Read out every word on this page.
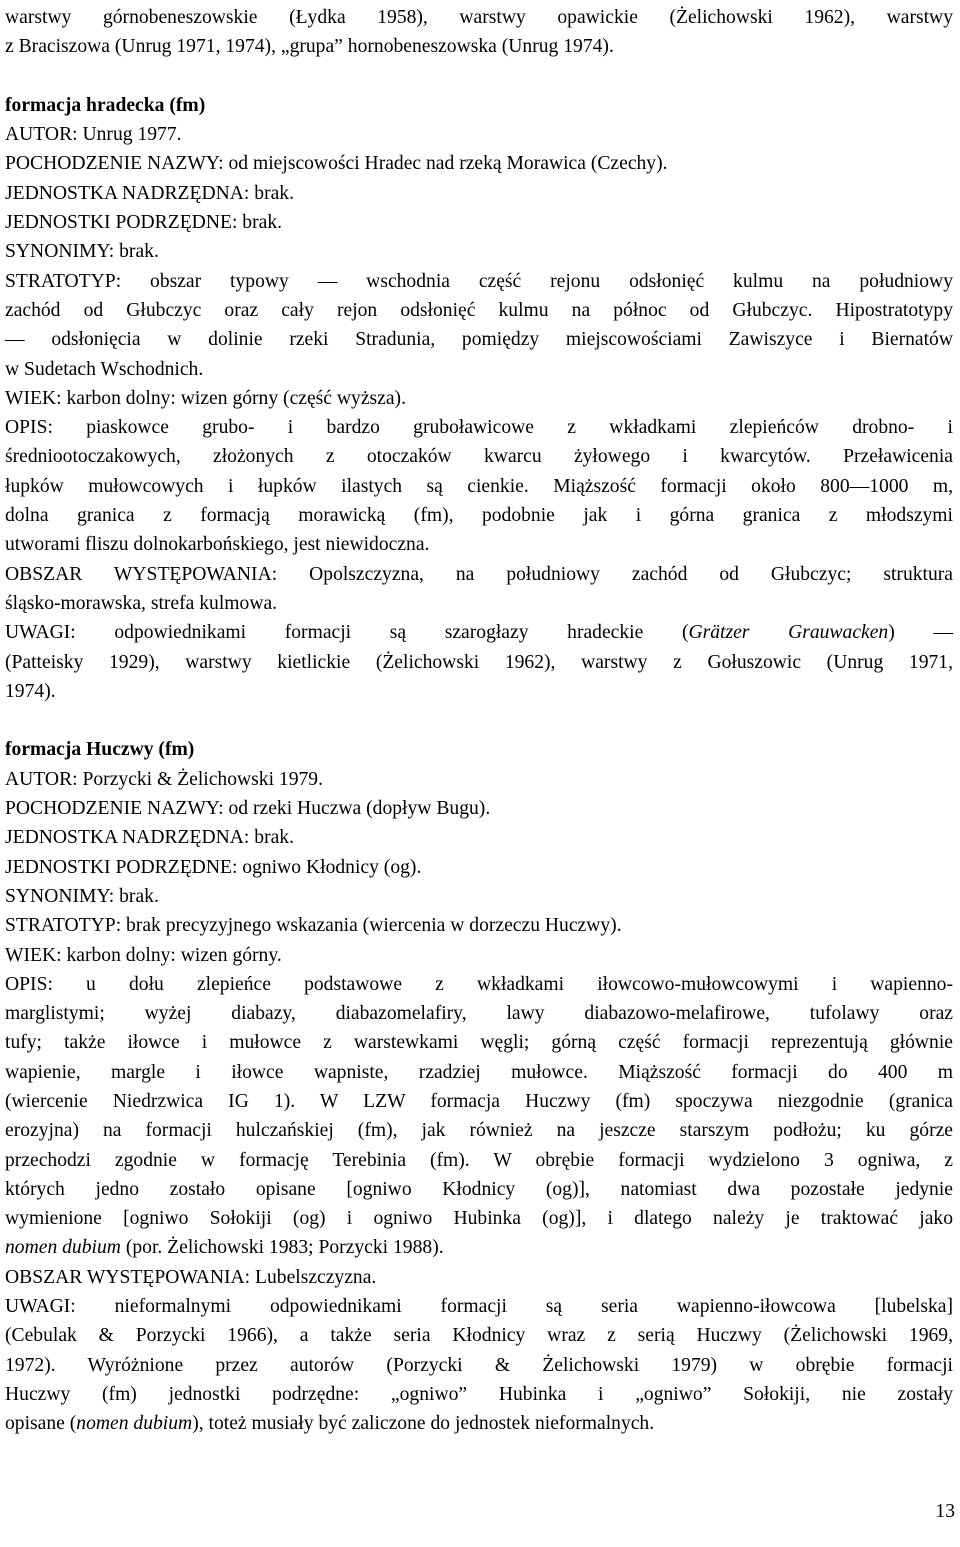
warstwy górnobeneszowskie (Łydka 1958), warstwy opawickie (Żelichowski 1962), warstwy
z Braciszowa (Unrug 1971, 1974), „grupa” hornobeneszowska (Unrug 1974).
formacja hradecka (fm)
AUTOR: Unrug 1977.
POCHODZENIE NAZWY: od miejscowości Hradec nad rzeką Morawica (Czechy).
JEDNOSTKA NADRZĘDNA: brak.
JEDNOSTKI PODRZĘDNE: brak.
SYNONIMY: brak.
STRATOTYP: obszar typowy — wschodnia część rejonu odsłonięć kulmu na południowy
zachód od Głubczyc oraz cały rejon odsłonięć kulmu na północ od Głubczyc. Hipostratotypy
— odsłonięcia w dolinie rzeki Stradunia, pomiędzy miejscowościami Zawiszyce i Biernatów
w Sudetach Wschodnich.
WIEK: karbon dolny: wizen górny (część wyższa).
OPIS: piaskowce grubo- i bardzo gruboławicowe z wkładkami zlepieńców drobno- i
średniootoczakowych, złożonych z otoczaków kwarcu żyłowego i kwarcytów. Przeławicenia
łupków mułowcowych i łupków ilastych są cienkie. Miąższość formacji około 800—1000 m,
dolna granica z formacją morawicką (fm), podobnie jak i górna granica z młodszymi
utworami fliszu dolnokarbońskiego, jest niewidoczna.
OBSZAR WYSTĘPOWANIA: Opolszczyzna, na południowy zachód od Głubczyc; struktura
śląsko-morawska, strefa kulmowa.
UWAGI: odpowiednikami formacji są szarogłazy hradeckie (Grätzer Grauwacken) —
(Patteisky 1929), warstwy kietlickie (Żelichowski 1962), warstwy z Gołuszowic (Unrug 1971,
1974).
formacja Huczwy (fm)
AUTOR: Porzycki & Żelichowski 1979.
POCHODZENIE NAZWY: od rzeki Huczwa (dopływ Bugu).
JEDNOSTKA NADRZĘDNA: brak.
JEDNOSTKI PODRZĘDNE: ogniwo Kłodnicy (og).
SYNONIMY: brak.
STRATOTYP: brak precyzyjnego wskazania (wiercenia w dorzeczu Huczwy).
WIEK: karbon dolny: wizen górny.
OPIS: u dołu zlepieńce podstawowe z wkładkami iłowcowo-mułowcowymi i wapienno-
marglistymi; wyżej diabazy, diabazomelafiry, lawy diabazowo-melafirowe, tufolawy oraz
tufy; także iłowce i mułowce z warstewkami węgli; górną część formacji reprezentują głównie
wapienie, margle i iłowce wapniste, rzadziej mułowce. Miąższość formacji do 400 m
(wiercenie Niedrzwica IG 1). W LZW formacja Huczwy (fm) spoczywa niezgodnie (granica
erozyjna) na formacji hulczańskiej (fm), jak również na jeszcze starszym podłożu; ku górze
przechodzi zgodnie w formację Terebinia (fm). W obrębie formacji wydzielono 3 ogniwa, z
których jedno zostało opisane [ogniwo Kłodnicy (og)], natomiast dwa pozostałe jedynie
wymienione [ogniwo Sołokiji (og) i ogniwo Hubinka (og)], i dlatego należy je traktować jako
nomen dubium (por. Żelichowski 1983; Porzycki 1988).
OBSZAR WYSTĘPOWANIA: Lubelszczyzna.
UWAGI: nieformalnymi odpowiednikami formacji są seria wapienno-iłowcowa [lubelska]
(Cebulak & Porzycki 1966), a także seria Kłodnicy wraz z serią Huczwy (Żelichowski 1969,
1972). Wyróżnione przez autorów (Porzycki & Żelichowski 1979) w obrębie formacji
Huczwy (fm) jednostki podrzędne: „ogniwo” Hubinka i „ogniwo” Sołokiji, nie zostały
opisane (nomen dubium), toteż musiały być zaliczone do jednostek nieformalnych.
13
